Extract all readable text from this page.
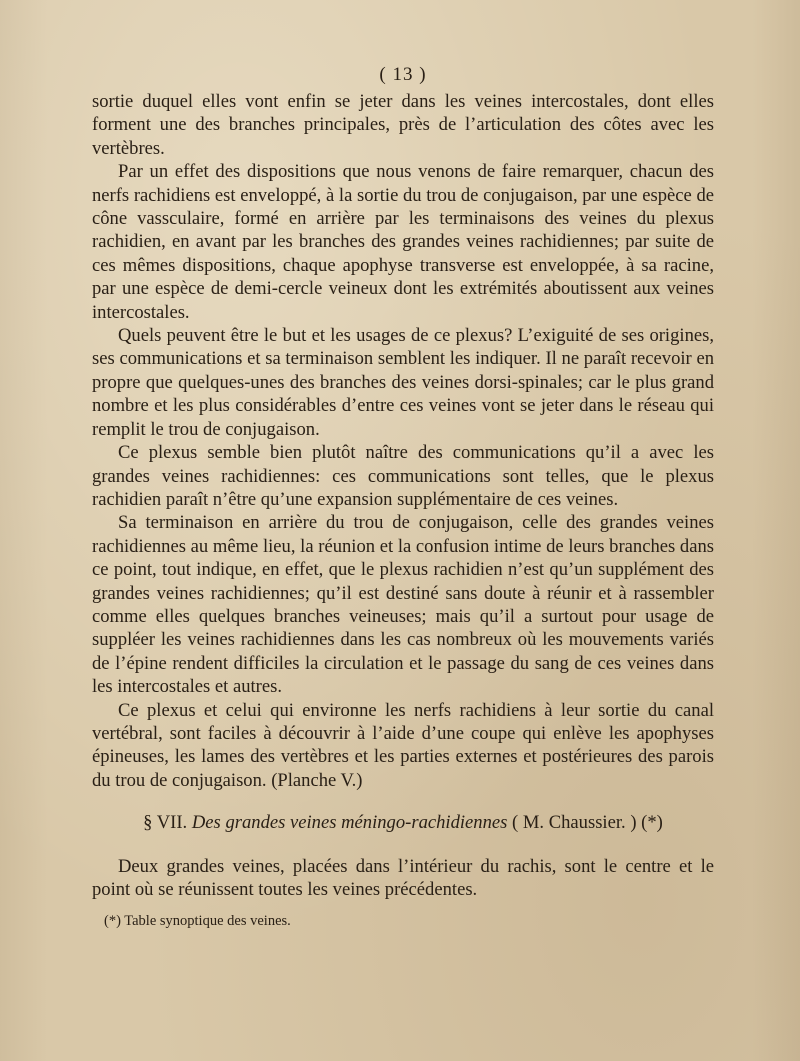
( 13 )

sortie duquel elles vont enfin se jeter dans les veines intercostales, dont elles forment une des branches principales, près de l’articulation des côtes avec les vertèbres.

Par un effet des dispositions que nous venons de faire remarquer, chacun des nerfs rachidiens est enveloppé, à la sortie du trou de conjugaison, par une espèce de cône vassculaire, formé en arrière par les terminaisons des veines du plexus rachidien, en avant par les branches des grandes veines rachidiennes; par suite de ces mêmes dispositions, chaque apophyse transverse est enveloppée, à sa racine, par une espèce de demi-cercle veineux dont les extrémités aboutissent aux veines intercostales.

Quels peuvent être le but et les usages de ce plexus? L’exiguité de ses origines, ses communications et sa terminaison semblent les indiquer. Il ne paraît recevoir en propre que quelques-unes des branches des veines dorsi-spinales; car le plus grand nombre et les plus considérables d’entre ces veines vont se jeter dans le réseau qui remplit le trou de conjugaison.

Ce plexus semble bien plutôt naître des communications qu’il a avec les grandes veines rachidiennes: ces communications sont telles, que le plexus rachidien paraît n’être qu’une expansion supplémentaire de ces veines.

Sa terminaison en arrière du trou de conjugaison, celle des grandes veines rachidiennes au même lieu, la réunion et la confusion intime de leurs branches dans ce point, tout indique, en effet, que le plexus rachidien n’est qu’un supplément des grandes veines rachidiennes; qu’il est destiné sans doute à réunir et à rassembler comme elles quelques branches veineuses; mais qu’il a surtout pour usage de suppléer les veines rachidiennes dans les cas nombreux où les mouvements variés de l’épine rendent difficiles la circulation et le passage du sang de ces veines dans les intercostales et autres.

Ce plexus et celui qui environne les nerfs rachidiens à leur sortie du canal vertébral, sont faciles à découvrir à l’aide d’une coupe qui enlève les apophyses épineuses, les lames des vertèbres et les parties externes et postérieures des parois du trou de conjugaison. (Planche V.)

§ VII. Des grandes veines méningo-rachidiennes ( M. Chaussier. ) (*)

Deux grandes veines, placées dans l’intérieur du rachis, sont le centre et le point où se réunissent toutes les veines précédentes.

(*) Table synoptique des veines.
